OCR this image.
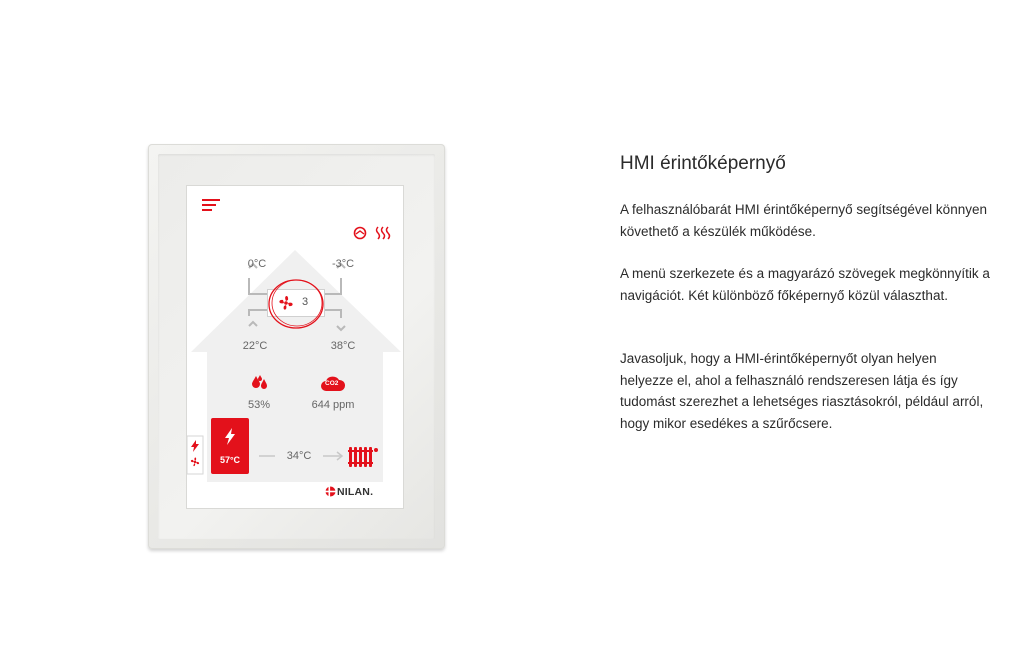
0°C	-3°C
22°C	38°C
3
53%
CO2
644 ppm
57°C	34°C
NILAN.
HMI érintőképernyő
A felhasználóbarát HMI érintőképernyő segítségével könnyen követhető a készülék működése.
A menü szerkezete és a magyarázó szövegek megkönnyítik a navigációt. Két különböző főképernyő közül választhat.
Javasoljuk, hogy a HMI-érintőképernyőt olyan helyen helyezze el, ahol a felhasználó rendszeresen látja és így tudomást szerezhet a lehetséges riasztásokról, például arról, hogy mikor esedékes a szűrőcsere.
